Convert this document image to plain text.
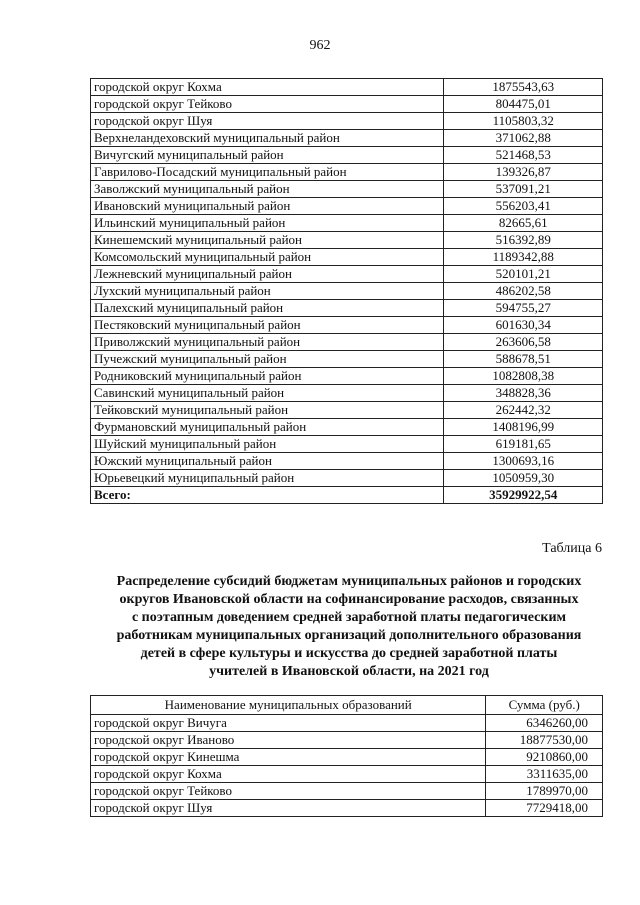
962
городской округ Кохма	1875543,63
городской округ Тейково	804475,01
городской округ Шуя	1105803,32
Верхнеландеховский муниципальный район	371062,88
Вичугский муниципальный район	521468,53
Гаврилово-Посадский муниципальный район	139326,87
Заволжский муниципальный район	537091,21
Ивановский муниципальный район	556203,41
Ильинский муниципальный район	82665,61
Кинешемский муниципальный район	516392,89
Комсомольский муниципальный район	1189342,88
Лежневский муниципальный район	520101,21
Лухский муниципальный район	486202,58
Палехский муниципальный район	594755,27
Пестяковский муниципальный район	601630,34
Приволжский муниципальный район	263606,58
Пучежский муниципальный район	588678,51
Родниковский муниципальный район	1082808,38
Савинский муниципальный район	348828,36
Тейковский муниципальный район	262442,32
Фурмановский муниципальный район	1408196,99
Шуйский муниципальный район	619181,65
Южский муниципальный район	1300693,16
Юрьевецкий муниципальный район	1050959,30
Всего:	35929922,54
Таблица 6
Распределение субсидий бюджетам муниципальных районов и городских
округов Ивановской области на софинансирование расходов, связанных
с поэтапным доведением средней заработной платы педагогическим
работникам муниципальных организаций дополнительного образования
детей в сфере культуры и искусства до средней заработной платы
учителей в Ивановской области, на 2021 год
Наименование муниципальных образований	Сумма (руб.)
городской округ Вичуга	6346260,00
городской округ Иваново	18877530,00
городской округ Кинешма	9210860,00
городской округ Кохма	3311635,00
городской округ Тейково	1789970,00
городской округ Шуя	7729418,00
